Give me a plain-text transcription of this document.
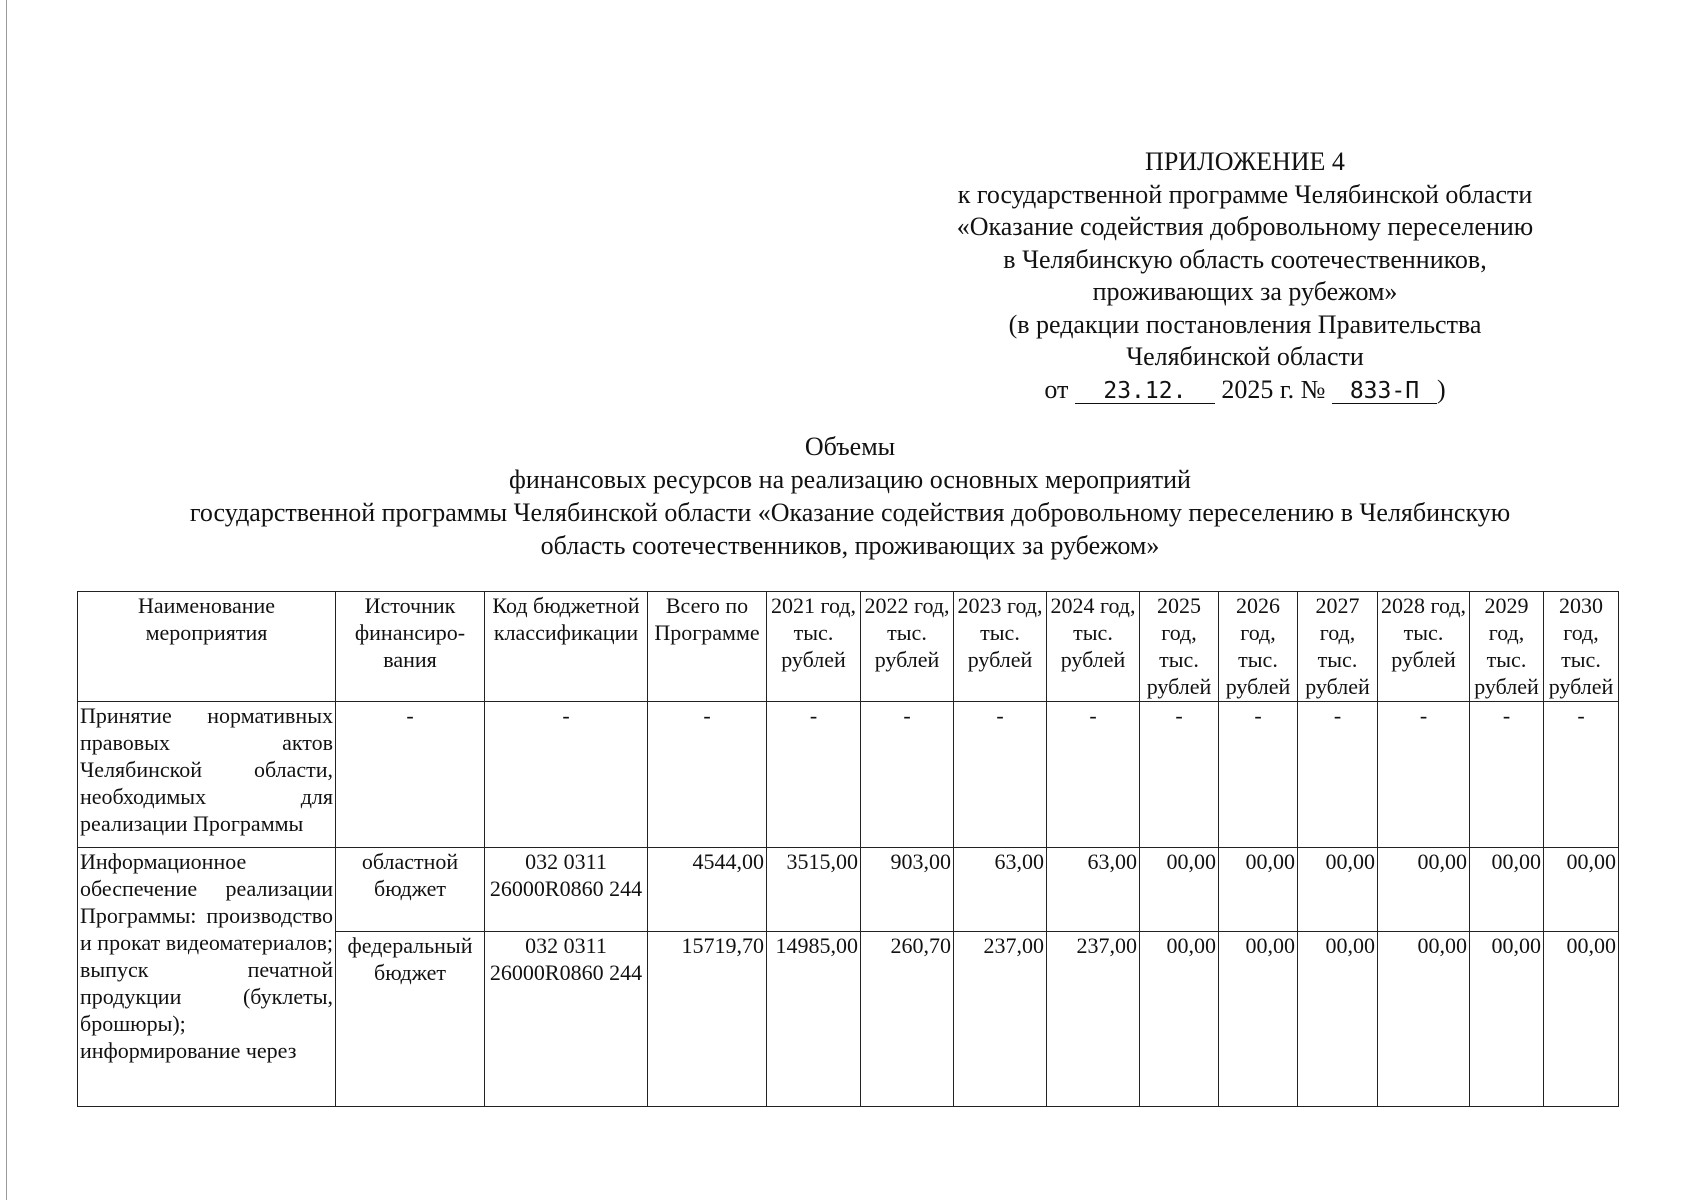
ПРИЛОЖЕНИЕ 4
к государственной программе Челябинской области
«Оказание содействия добровольному переселению
в Челябинскую область соотечественников,
проживающих за рубежом»
(в редакции постановления Правительства
Челябинской области
от 23.12. 2025 г. № 833-П )
Объемы
финансовых ресурсов на реализацию основных мероприятий
государственной программы Челябинской области «Оказание содействия добровольному переселению в Челябинскую
область соотечественников, проживающих за рубежом»
Наименование мероприятия	Источник финансиро-вания	Код бюджетной классификации	Всего по Программе	2021 год, тыс. рублей	2022 год, тыс. рублей	2023 год, тыс. рублей	2024 год, тыс. рублей	2025 год, тыс. рублей	2026 год, тыс. рублей	2027 год, тыс. рублей	2028 год, тыс. рублей	2029 год, тыс. рублей	2030 год, тыс. рублей
Принятие нормативных правовых актов Челябинской области, необходимых для реализации Программы	-	-	-	-	-	-	-	-	-	-	-	-	-
Информационное обеспечение реализации Программы: производство и прокат видеоматериалов; выпуск печатной продукции (буклеты, брошюры); информирование через	областной бюджет	032 0311 26000R0860 244	4544,00	3515,00	903,00	63,00	63,00	00,00	00,00	00,00	00,00	00,00	00,00
	федеральный бюджет	032 0311 26000R0860 244	15719,70	14985,00	260,70	237,00	237,00	00,00	00,00	00,00	00,00	00,00	00,00
